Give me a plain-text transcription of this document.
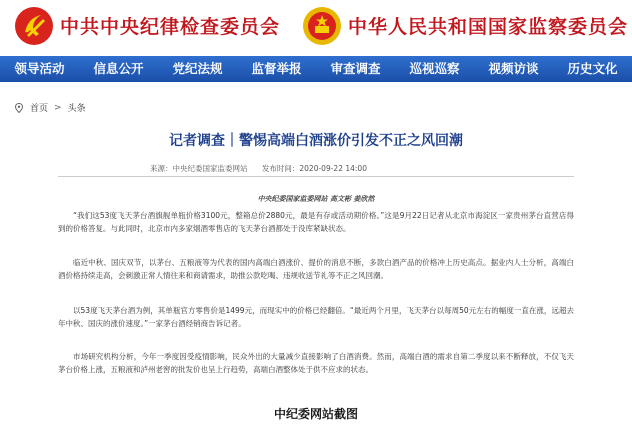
中共中央纪律检查委员会	中华人民共和国国家监察委员会
领导活动	信息公开	党纪法规	监督举报	审查调查	巡视巡察	视频访谈	历史文化
首页 > 头条
记者调查｜警惕高端白酒涨价引发不正之风回潮
来源：中央纪委国家监委网站 发布时间：2020-09-22 14:00
中央纪委国家监委网站 高文彬 姜欣然

“我们这53度飞天茅台酒旗舰单瓶价格3100元，整箱总价2880元，最是有存或活动期价格。”这是9月22日记者从北京市海淀区一家贵州茅台直营店得到的价格答复。与此同时，北京市内多家烟酒零售店的飞天茅台酒都处于没库紧缺状态。

临近中秋、国庆双节，以茅台、五粮液等为代表的国内高端白酒涨价、提价的消息不断，多款白酒产品的价格冲上历史高点。据业内人士分析，高端白酒价格持续走高，会刺激正常人情往来和商请需求，助推公款吃喝、违规收送节礼等不正之风回潮。

以53度飞天茅台酒为例，其单瓶官方零售价是1499元，而现实中的价格已经翻倍。“最近两个月里，飞天茅台以每周50元左右的幅度一直在涨，远超去年中秋、国庆的涨价速度。”一家茅台酒经销商告诉记者。

市场研究机构分析，今年一季度因受疫情影响，民众外出的大量减少直接影响了白酒消费。然而，高端白酒的需求自第二季度以来不断释放，不仅飞天茅台价格上涨，五粮液和泸州老窖的批发价也呈上行趋势，高端白酒整体处于供不应求的状态。

中纪委网站截图
